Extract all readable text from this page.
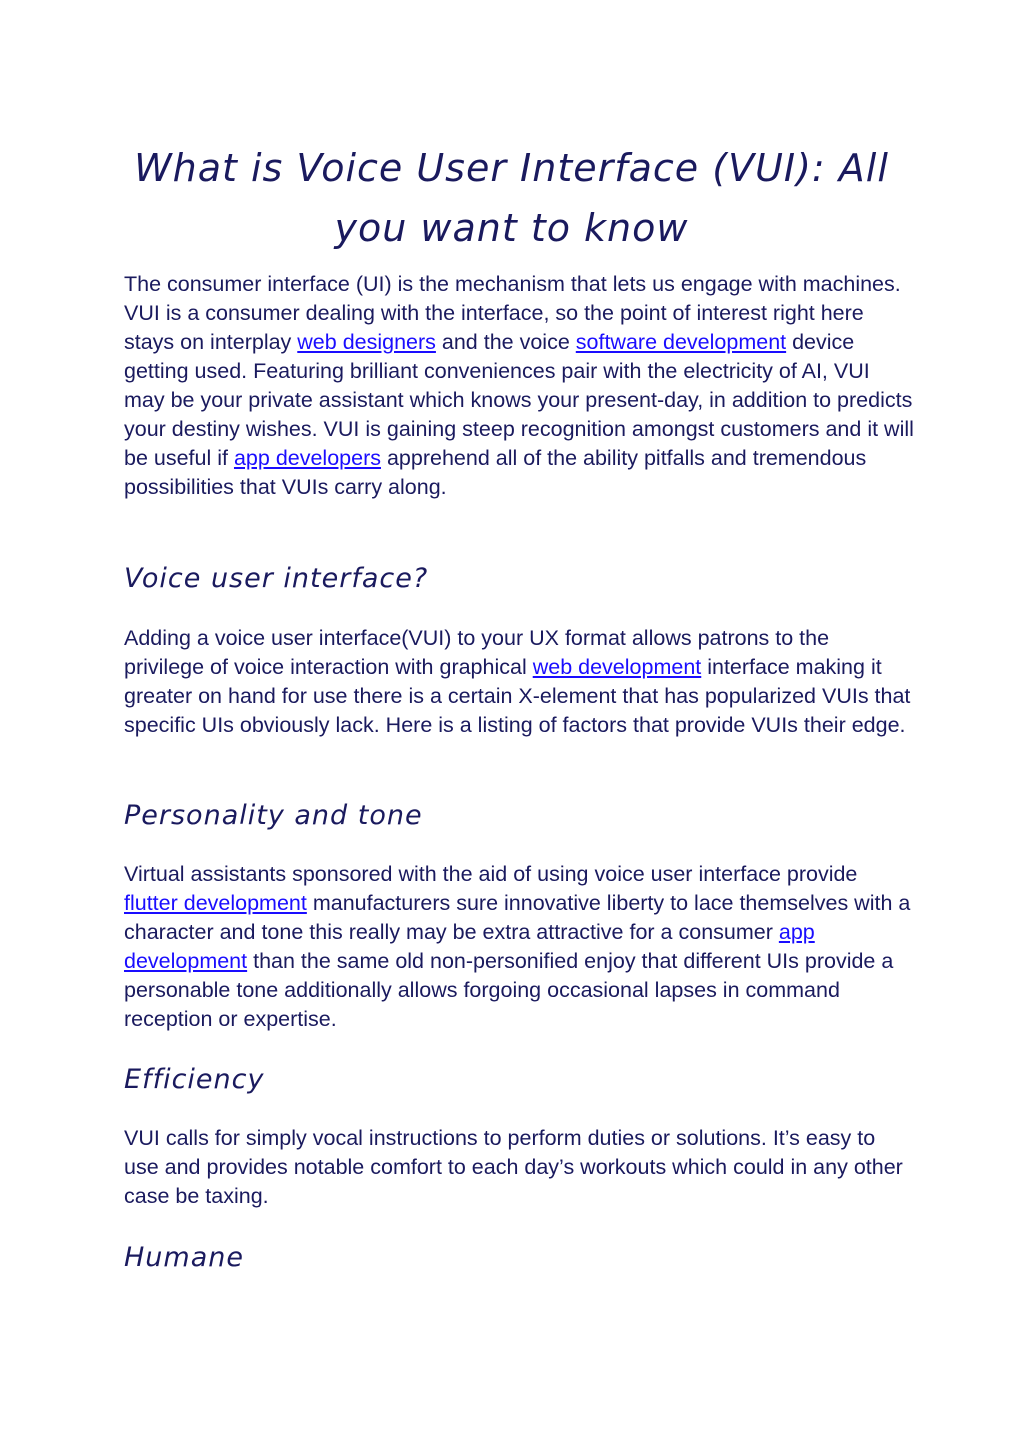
What is Voice User Interface (VUI): All you want to know

The consumer interface (UI) is the mechanism that lets us engage with machines. VUI is a consumer dealing with the interface, so the point of interest right here stays on interplay web designers and the voice software development device getting used. Featuring brilliant conveniences pair with the electricity of AI, VUI may be your private assistant which knows your present-day, in addition to predicts your destiny wishes. VUI is gaining steep recognition amongst customers and it will be useful if app developers apprehend all of the ability pitfalls and tremendous possibilities that VUIs carry along.

Voice user interface?

Adding a voice user interface(VUI) to your UX format allows patrons to the privilege of voice interaction with graphical web development interface making it greater on hand for use there is a certain X-element that has popularized VUIs that specific UIs obviously lack. Here is a listing of factors that provide VUIs their edge.

Personality and tone

Virtual assistants sponsored with the aid of using voice user interface provide flutter development manufacturers sure innovative liberty to lace themselves with a character and tone this really may be extra attractive for a consumer app development than the same old non-personified enjoy that different UIs provide a personable tone additionally allows forgoing occasional lapses in command reception or expertise.

Efficiency

VUI calls for simply vocal instructions to perform duties or solutions. It’s easy to use and provides notable comfort to each day’s workouts which could in any other case be taxing.

Humane
